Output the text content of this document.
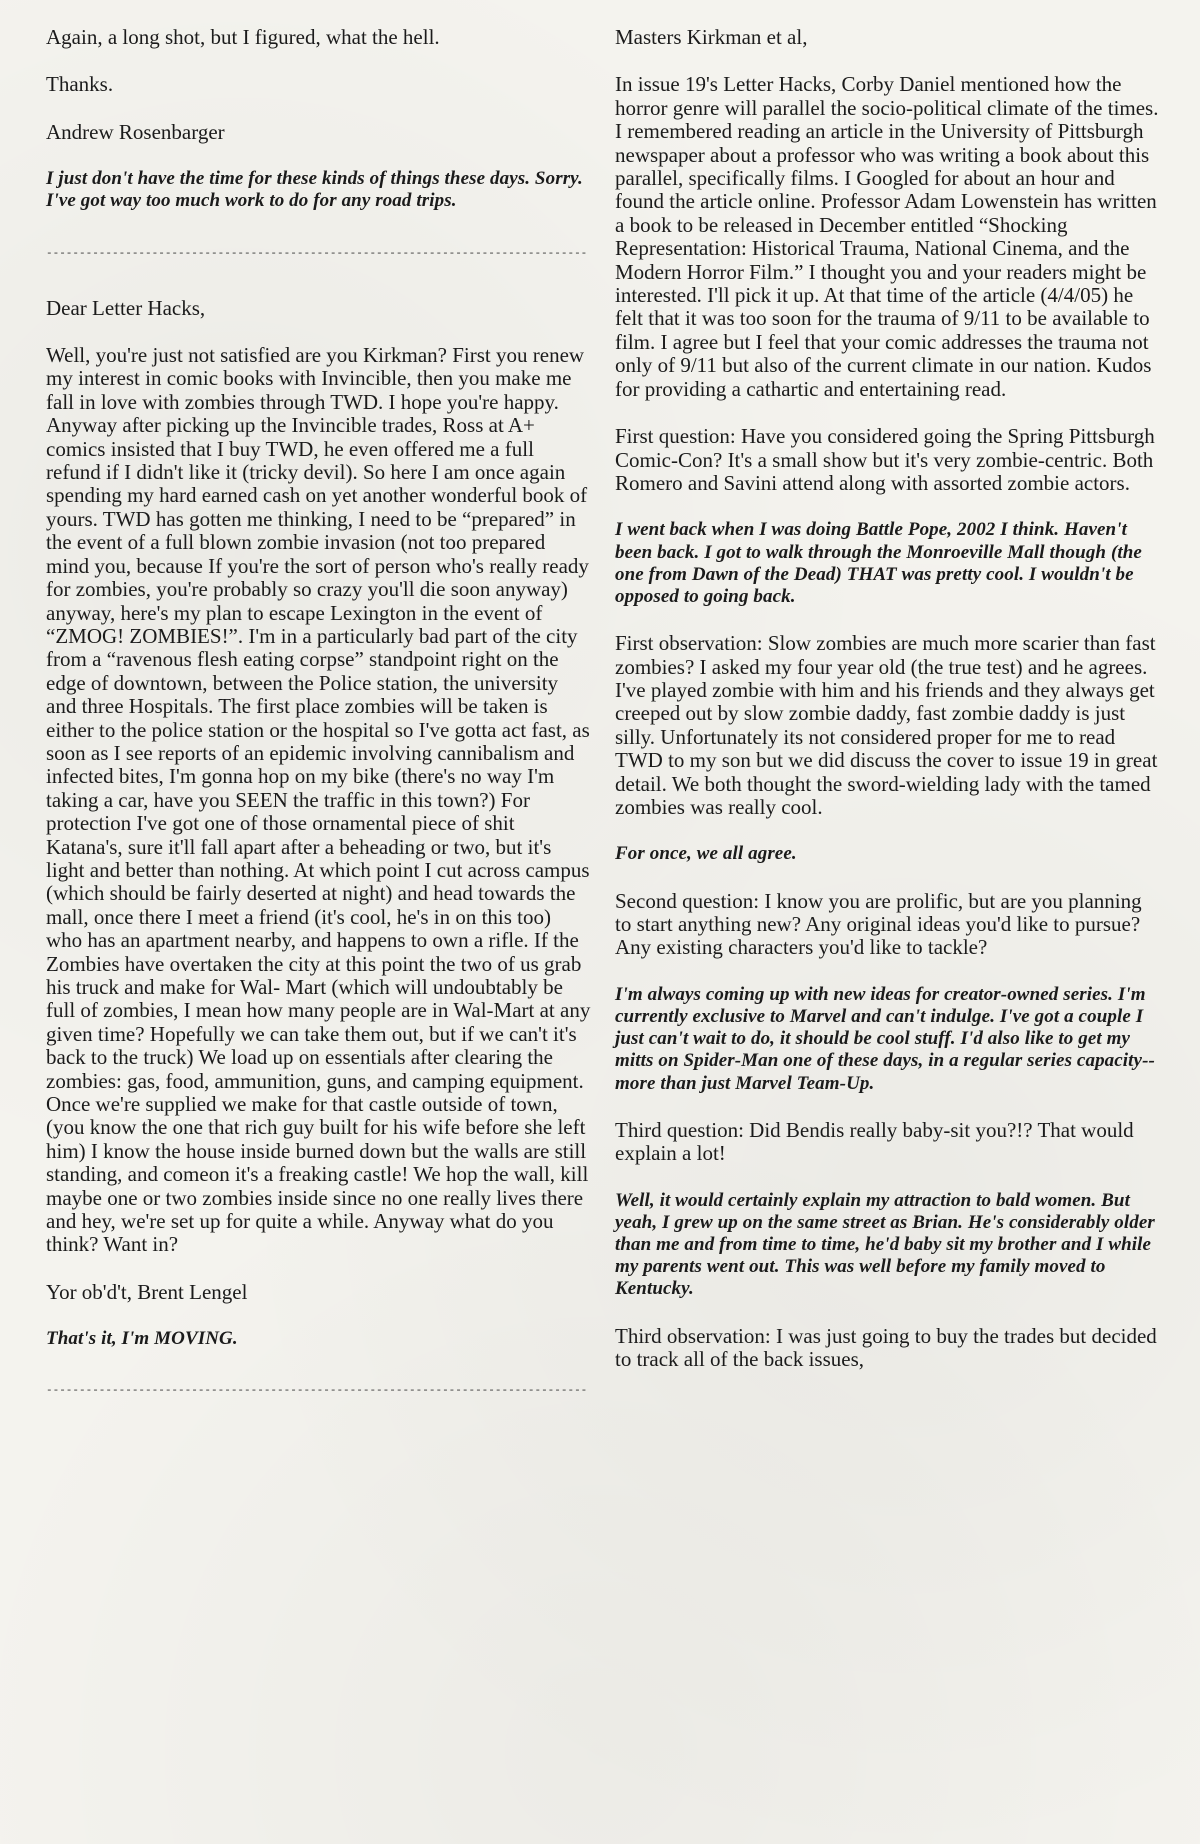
Again, a long shot, but I figured, what the hell.

Thanks.

Andrew Rosenbarger

I just don't have the time for these kinds of things these days. Sorry. I've got way too much work to do for any road trips.

----------------------------------------------------------------------------------

Dear Letter Hacks,

Well, you're just not satisfied are you Kirkman? First you renew my interest in comic books with Invincible, then you make me fall in love with zombies through TWD. I hope you're happy. Anyway after picking up the Invincible trades, Ross at A+ comics insisted that I buy TWD, he even offered me a full refund if I didn't like it (tricky devil). So here I am once again spending my hard earned cash on yet another wonderful book of yours. TWD has gotten me thinking, I need to be “prepared” in the event of a full blown zombie invasion (not too prepared mind you, because If you're the sort of person who's really ready for zombies, you're probably so crazy you'll die soon anyway) anyway, here's my plan to escape Lexington in the event of “ZMOG! ZOMBIES!”. I'm in a particularly bad part of the city from a “ravenous flesh eating corpse” standpoint right on the edge of downtown, between the Police station, the university and three Hospitals. The first place zombies will be taken is either to the police station or the hospital so I've gotta act fast, as soon as I see reports of an epidemic involving cannibalism and infected bites, I'm gonna hop on my bike (there's no way I'm taking a car, have you SEEN the traffic in this town?) For protection I've got one of those ornamental piece of shit Katana's, sure it'll fall apart after a beheading or two, but it's light and better than nothing. At which point I cut across campus (which should be fairly deserted at night) and head towards the mall, once there I meet a friend (it's cool, he's in on this too) who has an apartment nearby, and happens to own a rifle. If the Zombies have overtaken the city at this point the two of us grab his truck and make for Wal- Mart (which will undoubtably be full of zombies, I mean how many people are in Wal-Mart at any given time? Hopefully we can take them out, but if we can't it's back to the truck) We load up on essentials after clearing the zombies: gas, food, ammunition, guns, and camping equipment. Once we're supplied we make for that castle outside of town, (you know the one that rich guy built for his wife before she left him) I know the house inside burned down but the walls are still standing, and comeon it's a freaking castle! We hop the wall, kill maybe one or two zombies inside since no one really lives there and hey, we're set up for quite a while. Anyway what do you think? Want in?

Yor ob'd't, Brent Lengel

That's it, I'm MOVING.

----------------------------------------------------------------------------------

Masters Kirkman et al,

In issue 19's Letter Hacks, Corby Daniel mentioned how the horror genre will parallel the socio-political climate of the times. I remembered reading an article in the University of Pittsburgh newspaper about a professor who was writing a book about this parallel, specifically films. I Googled for about an hour and found the article online. Professor Adam Lowenstein has written a book to be released in December entitled “Shocking Representation: Historical Trauma, National Cinema, and the Modern Horror Film.” I thought you and your readers might be interested. I'll pick it up. At that time of the article (4/4/05) he felt that it was too soon for the trauma of 9/11 to be available to film. I agree but I feel that your comic addresses the trauma not only of 9/11 but also of the current climate in our nation. Kudos for providing a cathartic and entertaining read.

First question: Have you considered going the Spring Pittsburgh Comic-Con? It's a small show but it's very zombie-centric. Both Romero and Savini attend along with assorted zombie actors.

I went back when I was doing Battle Pope, 2002 I think. Haven't been back. I got to walk through the Monroeville Mall though (the one from Dawn of the Dead) THAT was pretty cool. I wouldn't be opposed to going back.

First observation: Slow zombies are much more scarier than fast zombies? I asked my four year old (the true test) and he agrees. I've played zombie with him and his friends and they always get creeped out by slow zombie daddy, fast zombie daddy is just silly. Unfortunately its not considered proper for me to read TWD to my son but we did discuss the cover to issue 19 in great detail. We both thought the sword-wielding lady with the tamed zombies was really cool.

For once, we all agree.

Second question: I know you are prolific, but are you planning to start anything new? Any original ideas you'd like to pursue? Any existing characters you'd like to tackle?

I'm always coming up with new ideas for creator-owned series. I'm currently exclusive to Marvel and can't indulge. I've got a couple I just can't wait to do, it should be cool stuff. I'd also like to get my mitts on Spider-Man one of these days, in a regular series capacity-- more than just Marvel Team-Up.

Third question: Did Bendis really baby-sit you?!? That would explain a lot!

Well, it would certainly explain my attraction to bald women. But yeah, I grew up on the same street as Brian. He's considerably older than me and from time to time, he'd baby sit my brother and I while my parents went out. This was well before my family moved to Kentucky.

Third observation: I was just going to buy the trades but decided to track all of the back issues,
